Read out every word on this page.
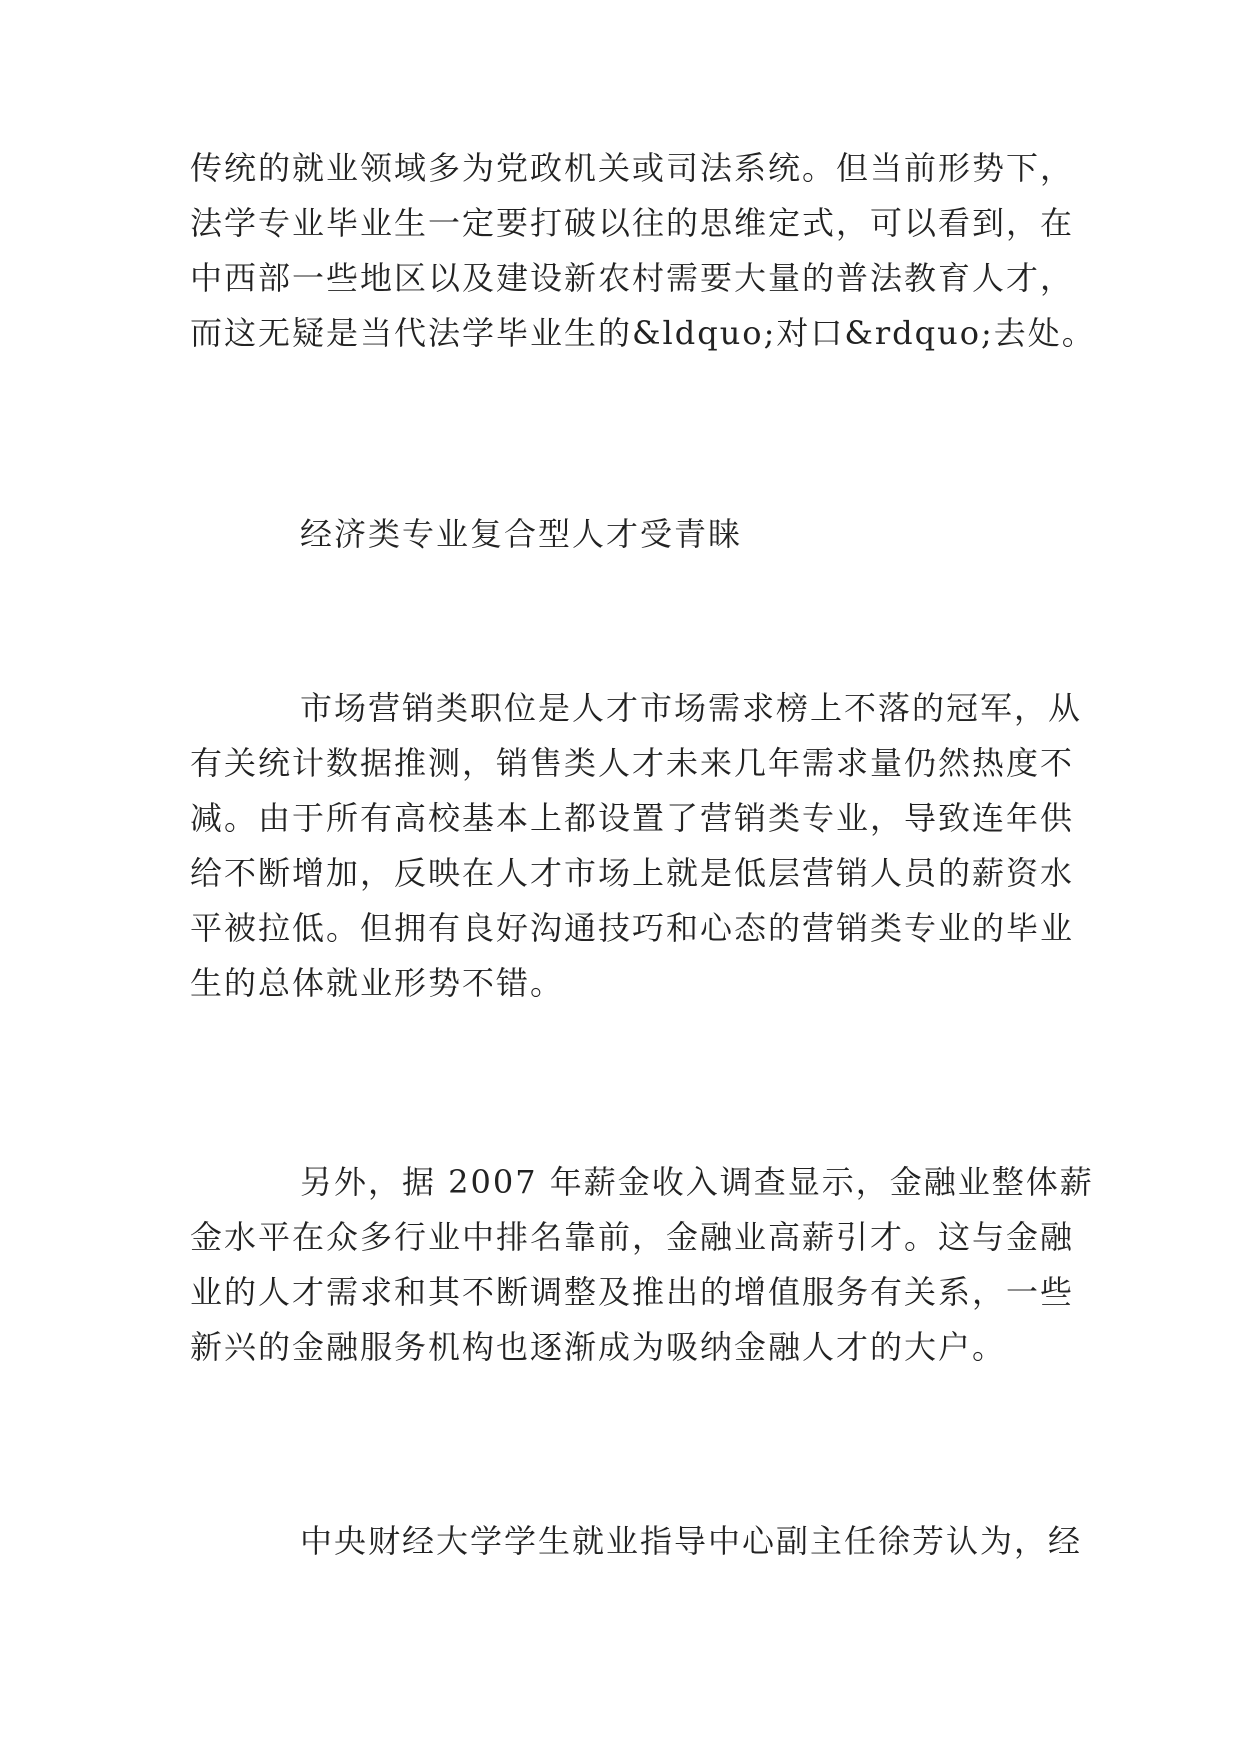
传统的就业领域多为党政机关或司法系统。但当前形势下，
法学专业毕业生一定要打破以往的思维定式，可以看到，在
中西部一些地区以及建设新农村需要大量的普法教育人才，
而这无疑是当代法学毕业生的&ldquo;对口&rdquo;去处。
经济类专业复合型人才受青睐
市场营销类职位是人才市场需求榜上不落的冠军，从
有关统计数据推测，销售类人才未来几年需求量仍然热度不
减。由于所有高校基本上都设置了营销类专业，导致连年供
给不断增加，反映在人才市场上就是低层营销人员的薪资水
平被拉低。但拥有良好沟通技巧和心态的营销类专业的毕业
生的总体就业形势不错。
另外，据 2007 年薪金收入调查显示，金融业整体薪
金水平在众多行业中排名靠前，金融业高薪引才。这与金融
业的人才需求和其不断调整及推出的增值服务有关系，一些
新兴的金融服务机构也逐渐成为吸纳金融人才的大户。
中央财经大学学生就业指导中心副主任徐芳认为，经
